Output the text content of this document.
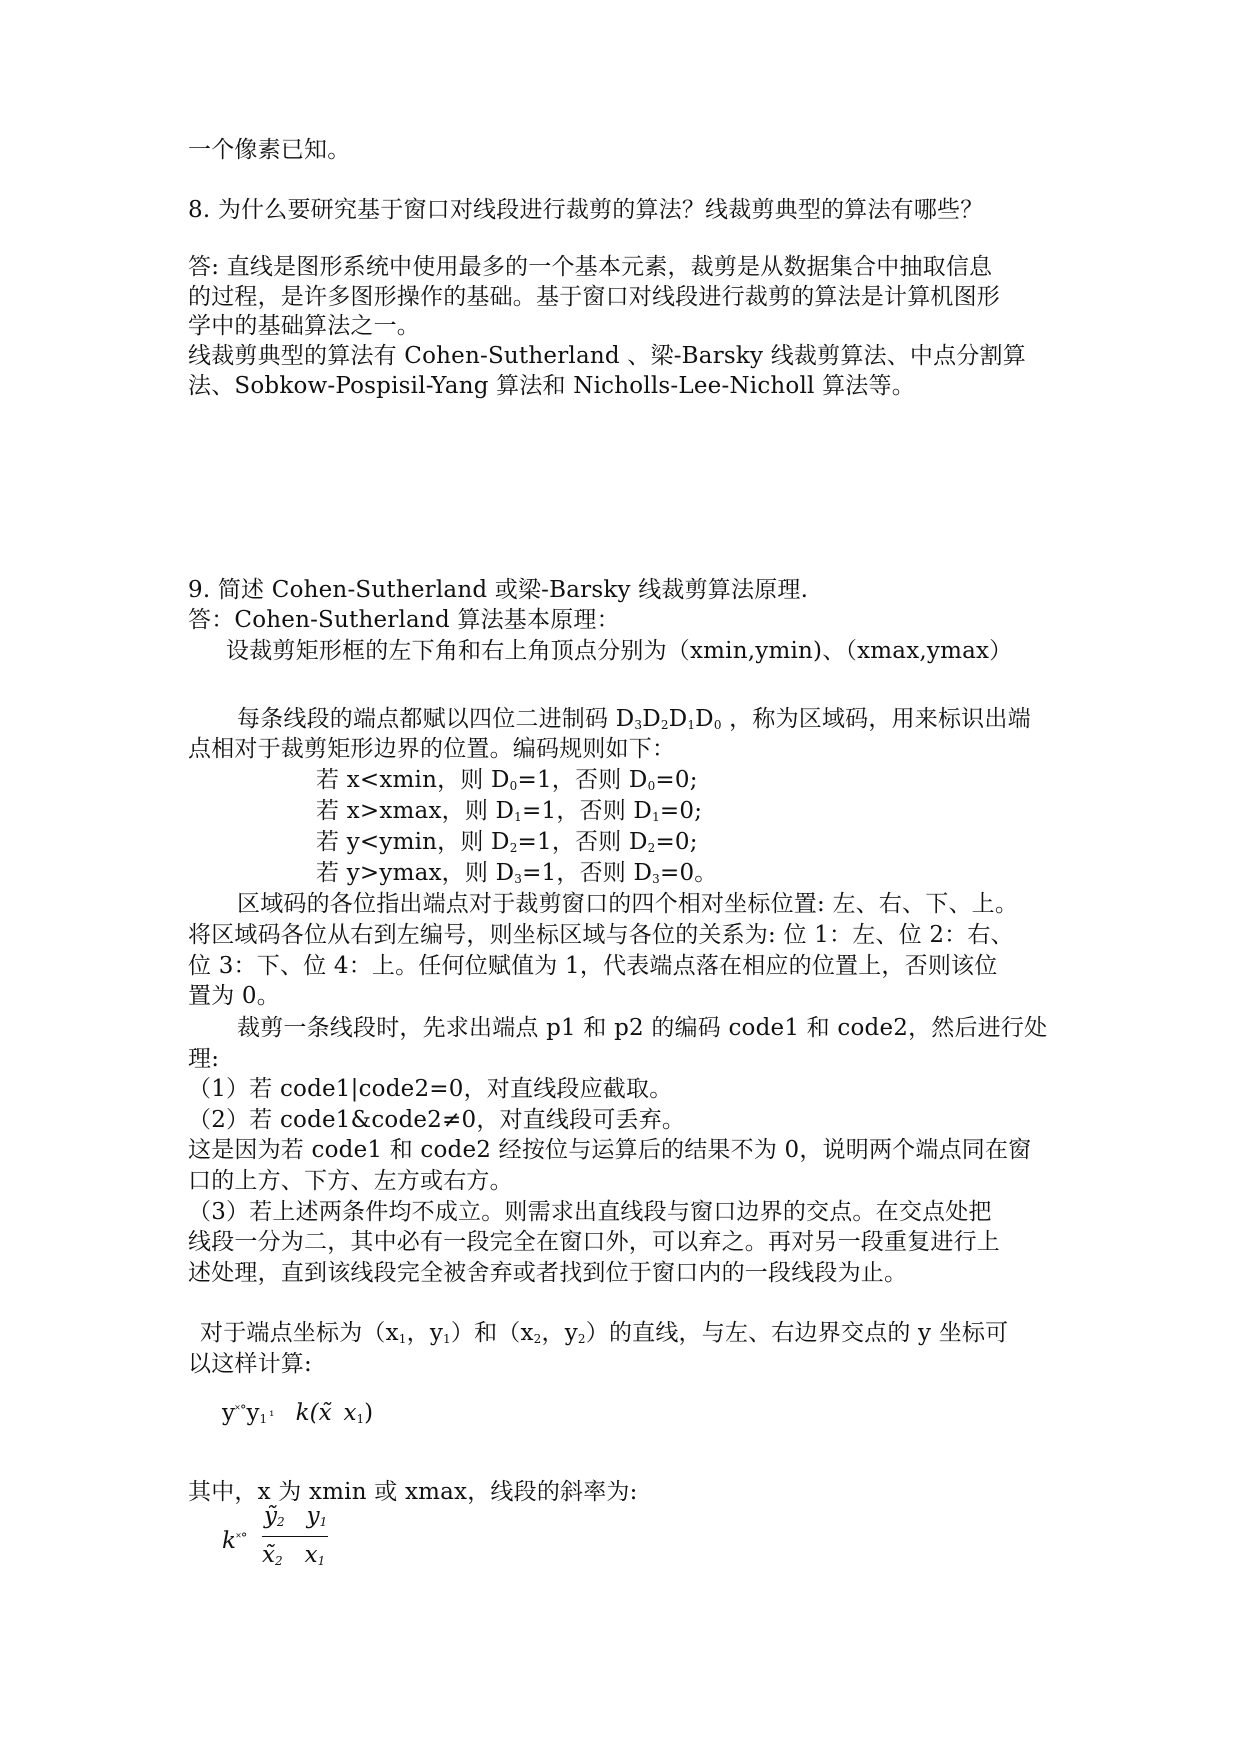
一个像素已知。
8. 为什么要研究基于窗口对线段进行裁剪的算法？线裁剪典型的算法有哪些？
答: 直线是图形系统中使用最多的一个基本元素，裁剪是从数据集合中抽取信息
的过程，是许多图形操作的基础。基于窗口对线段进行裁剪的算法是计算机图形
学中的基础算法之一。
线裁剪典型的算法有 Cohen-Sutherland 、梁-Barsky 线裁剪算法、中点分割算
法、Sobkow-Pospisil-Yang 算法和 Nicholls-Lee-Nicholl 算法等。
9. 简述 Cohen-Sutherland 或梁-Barsky 线裁剪算法原理.
答：Cohen-Sutherland 算法基本原理：
设裁剪矩形框的左下角和右上角顶点分别为（xmin,ymin)、（xmax,ymax）
每条线段的端点都赋以四位二进制码 $D_3D_2D_1D_0$ ，称为区域码，用来标识出端
点相对于裁剪矩形边界的位置。编码规则如下：
若 x<xmin，则 $D_0=1$，否则 $D_0=0$;
若 x>xmax，则 $D_1=1$，否则 $D_1=0$;
若 y<ymin，则 $D_2=1$，否则 $D_2=0$;
若 y>ymax，则 $D_3=1$，否则 $D_3=0$。
区域码的各位指出端点对于裁剪窗口的四个相对坐标位置: 左、右、下、上。
将区域码各位从右到左编号，则坐标区域与各位的关系为: 位 1：左、位 2：右、
位 3：下、位 4：上。任何位赋值为 1，代表端点落在相应的位置上，否则该位
置为 0。
裁剪一条线段时，先求出端点 p1 和 p2 的编码 code1 和 code2，然后进行处
理:
（1）若 code1|code2=0，对直线段应截取。
（2）若 code1&code2≠0，对直线段可丢弃。
这是因为若 code1 和 code2 经按位与运算后的结果不为 0，说明两个端点同在窗
口的上方、下方、左方或右方。
（3）若上述两条件均不成立。则需求出直线段与窗口边界的交点。在交点处把
线段一分为二，其中必有一段完全在窗口外，可以弃之。再对另一段重复进行上
述处理，直到该线段完全被舍弃或者找到位于窗口内的一段线段为止。
对于端点坐标为（$x_1$，$y_1$）和（$x_2$，$y_2$）的直线，与左、右边界交点的 y 坐标可
以这样计算:
$y^{˟^\circ}y_1$ ¹ k(x̃ $x_1$)
其中，x 为 xmin 或 xmax，线段的斜率为:
k˟°
$ỹ_2$ $y_1$
$x̃_2$ $x_1$
